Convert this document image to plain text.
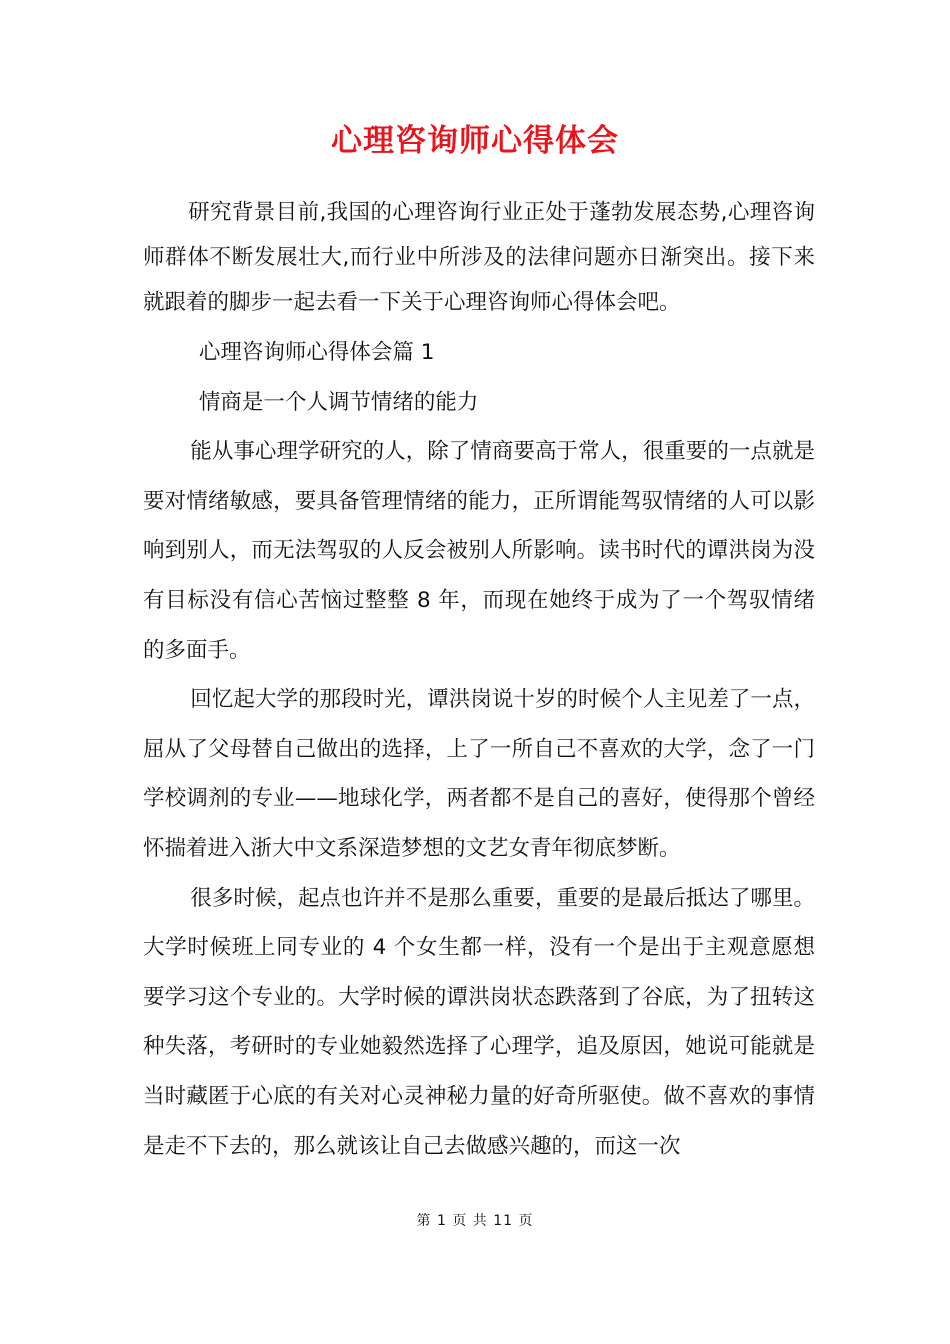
心理咨询师心得体会

研究背景目前,我国的心理咨询行业正处于蓬勃发展态势,心理咨询师群体不断发展壮大,而行业中所涉及的法律问题亦日渐突出。接下来就跟着的脚步一起去看一下关于心理咨询师心得体会吧。

心理咨询师心得体会篇 1

情商是一个人调节情绪的能力

能从事心理学研究的人，除了情商要高于常人，很重要的一点就是要对情绪敏感，要具备管理情绪的能力，正所谓能驾驭情绪的人可以影响到别人，而无法驾驭的人反会被别人所影响。读书时代的谭洪岗为没有目标没有信心苦恼过整整 8 年，而现在她终于成为了一个驾驭情绪的多面手。

回忆起大学的那段时光，谭洪岗说十岁的时候个人主见差了一点，屈从了父母替自己做出的选择，上了一所自己不喜欢的大学，念了一门学校调剂的专业——地球化学，两者都不是自己的喜好，使得那个曾经怀揣着进入浙大中文系深造梦想的文艺女青年彻底梦断。

很多时候，起点也许并不是那么重要，重要的是最后抵达了哪里。大学时候班上同专业的 4 个女生都一样，没有一个是出于主观意愿想要学习这个专业的。大学时候的谭洪岗状态跌落到了谷底，为了扭转这种失落，考研时的专业她毅然选择了心理学，追及原因，她说可能就是当时藏匿于心底的有关对心灵神秘力量的好奇所驱使。做不喜欢的事情是走不下去的，那么就该让自己去做感兴趣的，而这一次

第 1 页 共 11 页
